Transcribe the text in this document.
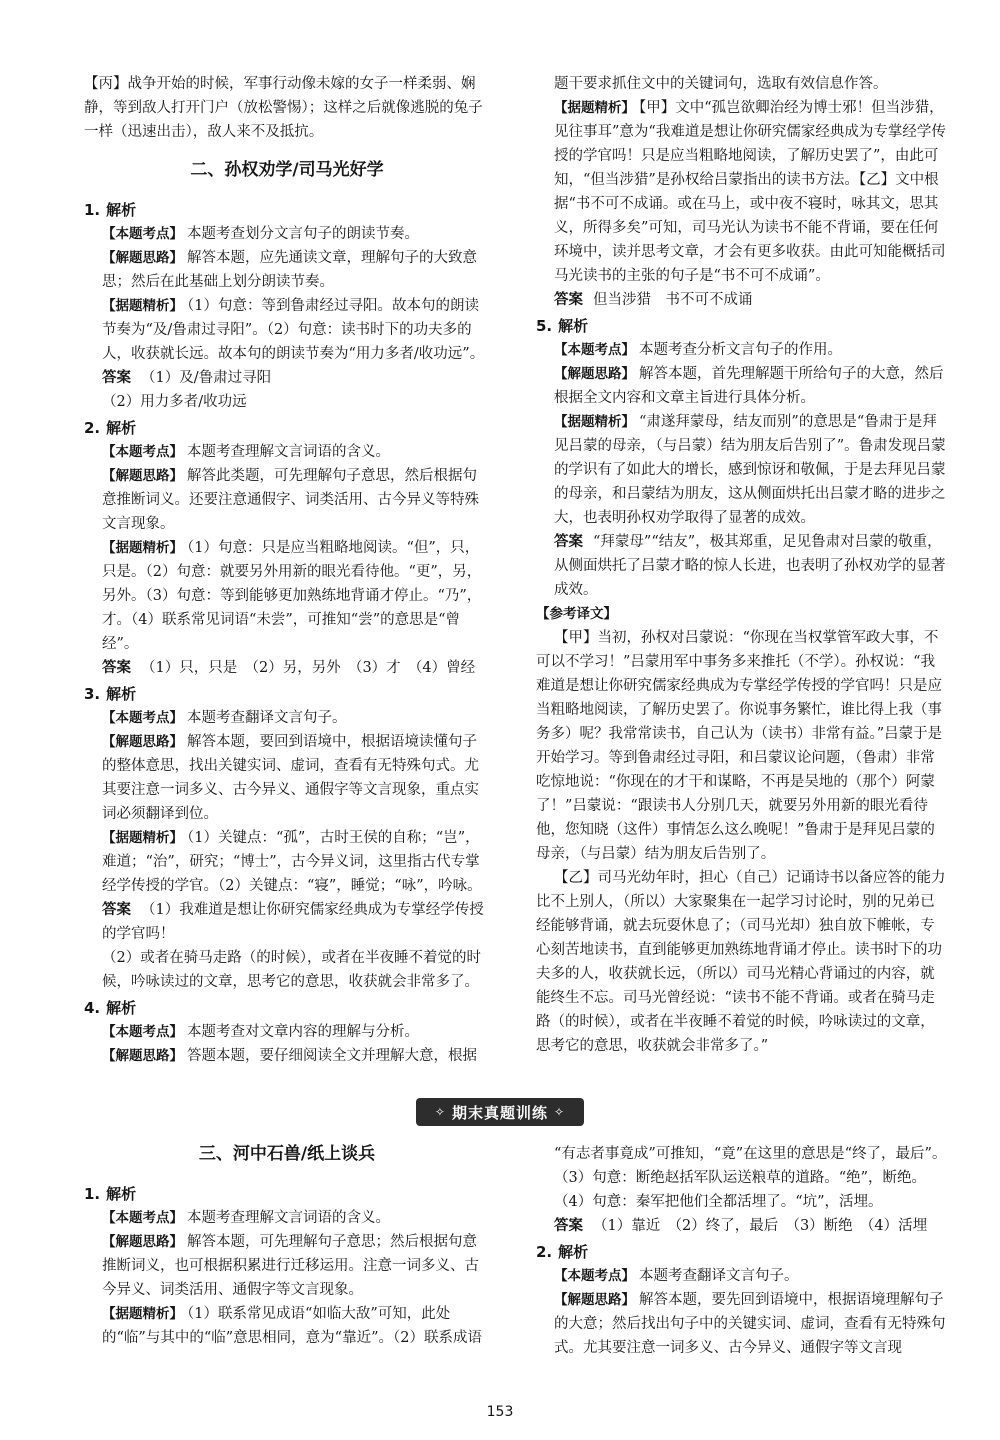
【丙】战争开始的时候，军事行动像未嫁的女子一样柔弱、娴静，等到敌人打开门户（放松警惕）；这样之后就像逃脱的兔子一样（迅速出击），敌人来不及抵抗。

二、孙权劝学/司马光好学
1. 解析

【本题考点】 本题考查划分文言句子的朗读节奏。

【解题思路】 解答本题，应先通读文章，理解句子的大致意思；然后在此基础上划分朗读节奏。

【据题精析】 （1）句意：等到鲁肃经过寻阳。故本句的朗读节奏为“及/鲁肃过寻阳”。（2）句意：读书时下的功夫多的人，收获就长远。故本句的朗读节奏为“用力多者/收功远”。

答案 （1）及/鲁肃过寻阳

（2）用力多者/收功远

2. 解析

【本题考点】 本题考查理解文言词语的含义。

【解题思路】 解答此类题，可先理解句子意思，然后根据句意推断词义。还要注意通假字、词类活用、古今异义等特殊文言现象。

【据题精析】 （1）句意：只是应当粗略地阅读。“但”，只，只是。（2）句意：就要另外用新的眼光看待他。“更”，另，另外。（3）句意：等到能够更加熟练地背诵才停止。“乃”，才。（4）联系常见词语“未尝”，可推知“尝”的意思是“曾经”。

答案 （1）只，只是　（2）另，另外　（3）才　（4）曾经

3. 解析

【本题考点】 本题考查翻译文言句子。

【解题思路】 解答本题，要回到语境中，根据语境读懂句子的整体意思，找出关键实词、虚词，查看有无特殊句式。尤其要注意一词多义、古今异义、通假字等文言现象，重点实词必须翻译到位。

【据题精析】 （1）关键点：“孤”，古时王侯的自称；“岂”，难道；“治”，研究；“博士”，古今异义词，这里指古代专掌经学传授的学官。（2）关键点：“寝”，睡觉；“咏”，吟咏。

答案 （1）我难道是想让你研究儒家经典成为专掌经学传授的学官吗！

（2）或者在骑马走路（的时候），或者在半夜睡不着觉的时候，吟咏读过的文章，思考它的意思，收获就会非常多了。

4. 解析

【本题考点】 本题考查对文章内容的理解与分析。

【解题思路】 答题本题，要仔细阅读全文并理解大意，根据

题干要求抓住文中的关键词句，选取有效信息作答。

【据题精析】 【甲】文中“孤岂欲卿治经为博士邪！但当涉猎，见往事耳”意为“我难道是想让你研究儒家经典成为专掌经学传授的学官吗！只是应当粗略地阅读，了解历史罢了”，由此可知，“但当涉猎”是孙权给吕蒙指出的读书方法。【乙】文中根据“书不可不成诵。或在马上，或中夜不寝时，咏其文，思其义，所得多矣”可知，司马光认为读书不能不背诵，要在任何环境中，读并思考文章，才会有更多收获。由此可知能概括司马光读书的主张的句子是“书不可不成诵”。

答案 但当涉猎　书不可不成诵

5. 解析

【本题考点】 本题考查分析文言句子的作用。

【解题思路】 解答本题，首先理解题干所给句子的大意，然后根据全文内容和文章主旨进行具体分析。

【据题精析】 “肃遂拜蒙母，结友而别”的意思是“鲁肃于是拜见吕蒙的母亲，（与吕蒙）结为朋友后告别了”。鲁肃发现吕蒙的学识有了如此大的增长，感到惊讶和敬佩，于是去拜见吕蒙的母亲，和吕蒙结为朋友，这从侧面烘托出吕蒙才略的进步之大，也表明孙权劝学取得了显著的成效。

答案 “拜蒙母”“结友”，极其郑重，足见鲁肃对吕蒙的敬重，从侧面烘托了吕蒙才略的惊人长进，也表明了孙权劝学的显著成效。

【参考译文】

【甲】当初，孙权对吕蒙说：“你现在当权掌管军政大事，不可以不学习！”吕蒙用军中事务多来推托（不学）。孙权说：“我难道是想让你研究儒家经典成为专掌经学传授的学官吗！只是应当粗略地阅读，了解历史罢了。你说事务繁忙，谁比得上我（事务多）呢？我常常读书，自己认为（读书）非常有益。”吕蒙于是开始学习。等到鲁肃经过寻阳，和吕蒙议论问题，（鲁肃）非常吃惊地说：“你现在的才干和谋略，不再是吴地的（那个）阿蒙了！”吕蒙说：“跟读书人分别几天，就要另外用新的眼光看待他，您知晓（这件）事情怎么这么晚呢！”鲁肃于是拜见吕蒙的母亲，（与吕蒙）结为朋友后告别了。

【乙】司马光幼年时，担心（自己）记诵诗书以备应答的能力比不上别人，（所以）大家聚集在一起学习讨论时，别的兄弟已经能够背诵，就去玩耍休息了；（司马光却）独自放下帷帐，专心刻苦地读书，直到能够更加熟练地背诵才停止。读书时下的功夫多的人，收获就长远，（所以）司马光精心背诵过的内容，就能终生不忘。司马光曾经说：“读书不能不背诵。或者在骑马走路（的时候），或者在半夜睡不着觉的时候，吟咏读过的文章，思考它的意思，收获就会非常多了。”

✧ 期末真题训练 ✧
三、河中石兽/纸上谈兵
1. 解析

【本题考点】 本题考查理解文言词语的含义。

【解题思路】 解答本题，可先理解句子意思；然后根据句意推断词义，也可根据积累进行迁移运用。注意一词多义、古今异义、词类活用、通假字等文言现象。

【据题精析】 （1）联系常见成语“如临大敌”可知，此处的“临”与其中的“临”意思相同，意为“靠近”。（2）联系成语

“有志者事竟成”可推知，“竟”在这里的意思是“终了，最后”。（3）句意：断绝赵括军队运送粮草的道路。“绝”，断绝。（4）句意：秦军把他们全都活埋了。“坑”，活埋。

答案 （1）靠近　（2）终了，最后　（3）断绝　（4）活埋

2. 解析

【本题考点】 本题考查翻译文言句子。

【解题思路】 解答本题，要先回到语境中，根据语境理解句子的大意；然后找出句子中的关键实词、虚词，查看有无特殊句式。尤其要注意一词多义、古今异义、通假字等文言现

153
